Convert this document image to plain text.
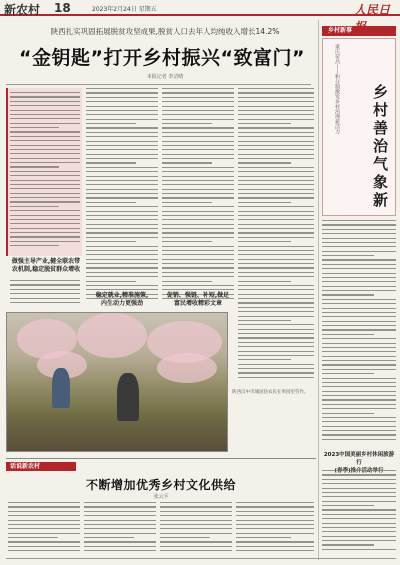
新农村 18	2023年2月24日 星期五	人民日
陕西扎实巩固拓展脱贫攻坚成果,脱贫人口去年人均纯收入增长14.2%
“金钥匙”打开乡村振兴“致富门”
本报记者 李洁晴
做强主导产业,健全联农带
农机制,稳定脱贫群众增收
稳定就业,精准施策,
内生动力更强劲
促销、强链、补短,做足
富民增收精彩文章
陕西汉中市城固县农民在果园里劳作。
乡村新事
重庆荣昌——积分制激发乡村治理新活力	乡村善治气象新
2023中国美丽乡村休闲旅游行
话说新农村
不断增加优秀乡村文化供给
张云平
